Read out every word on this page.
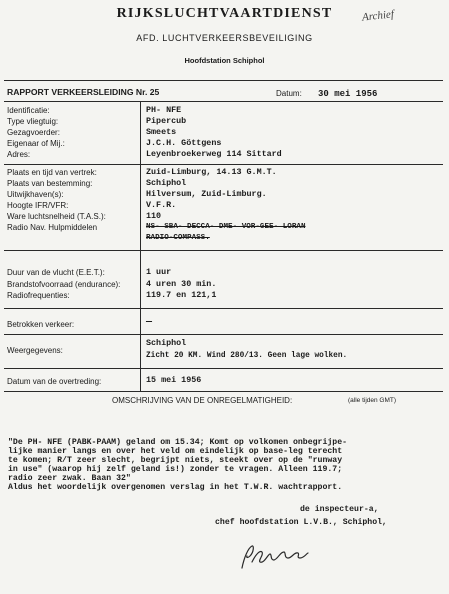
RIJKSLUCHTVAARTDIENST
AFD. LUCHTVERKEERSBEVEILIGING
Hoofdstation Schiphol
Archief
RAPPORT VERKEERSLEIDING Nr. 25	Datum: 30 mei 1956
Identificatie:	PH- NFE
Type vliegtuig:	Pipercub
Gezagvoerder:	Smeets
Eigenaar of Mij.:	J.C.H. Göttgens
Adres:	Leyenbroekerweg 114 Sittard
Plaats en tijd van vertrek:	Zuid-Limburg, 14.13 G.M.T.
Plaats van bestemming:	Schiphol
Uitwijkhaven(s):	Hilversum, Zuid-Limburg.
Hoogte IFR/VFR:	V.F.R.
Ware luchtsnelheid (T.A.S.):	110
Radio Nav. Hulpmiddelen	NS- SBA- DECCA- DME- VOR-GEE- LORAN
RADIO-COMPASS.
Duur van de vlucht (E.E.T.):	1 uur
Brandstofvoorraad (endurance):	4 uren 30 min.
Radiofrequenties:	119.7 en 121,1
Betrokken verkeer:	—
Weergegevens:
Schiphol
Zicht 20 KM. Wind 280/13. Geen lage wolken.
Datum van de overtreding:	15 mei 1956
OMSCHRIJVING VAN DE ONREGELMATIGHEID:	(alle tijden GMT)
"De PH- NFE (PABK-PAAM) geland om 15.34; Komt op volkomen onbegrijpe-
lijke manier langs en over het veld om eindelijk op base-leg terecht
te komen; R/T zeer slecht, begrijpt niets, steekt over op de "runway
in use" (waarop hij zelf geland is!) zonder te vragen. Alleen 119.7;
radio zeer zwak. Baan 32"
Aldus het woordelijk overgenomen verslag in het T.W.R. wachtrapport.
de inspecteur-a,
chef hoofdstation L.V.B., Schiphol,
